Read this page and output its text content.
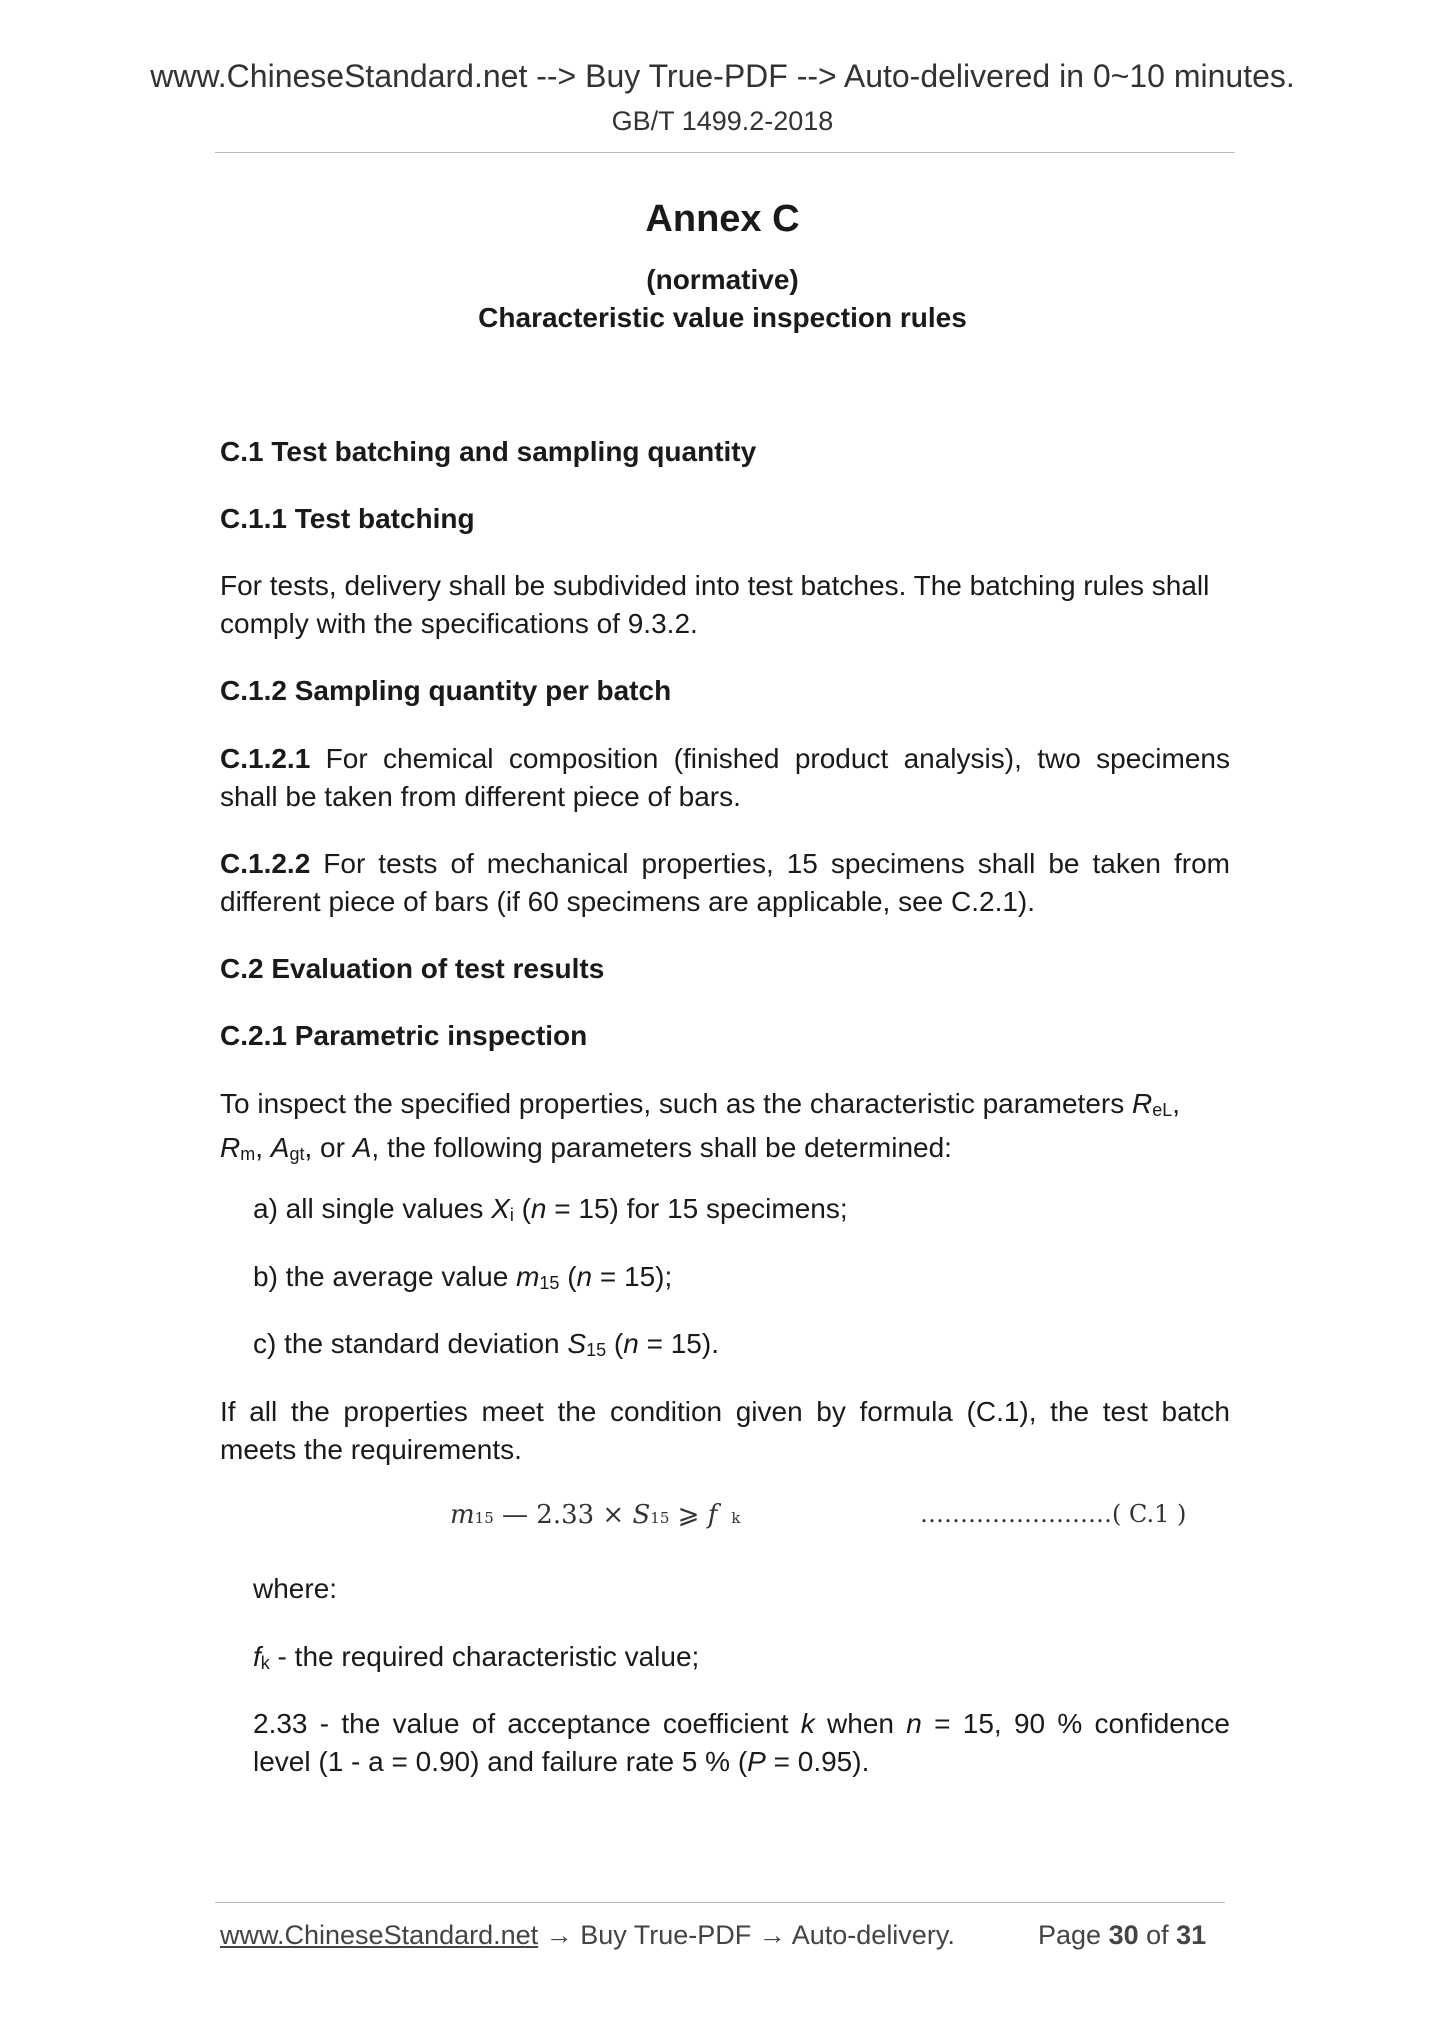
www.ChineseStandard.net --> Buy True-PDF --> Auto-delivered in 0~10 minutes.
GB/T 1499.2-2018
Annex C
(normative)
Characteristic value inspection rules
C.1 Test batching and sampling quantity
C.1.1 Test batching
For tests, delivery shall be subdivided into test batches. The batching rules shall comply with the specifications of 9.3.2.
C.1.2 Sampling quantity per batch
C.1.2.1 For chemical composition (finished product analysis), two specimens shall be taken from different piece of bars.
C.1.2.2 For tests of mechanical properties, 15 specimens shall be taken from different piece of bars (if 60 specimens are applicable, see C.2.1).
C.2 Evaluation of test results
C.2.1 Parametric inspection
To inspect the specified properties, such as the characteristic parameters $R_{eL}$,
$R_m$, $A_{gt}$, or A, the following parameters shall be determined:
a) all single values $X_i$ (n = 15) for 15 specimens;
b) the average value $m_{15}$ (n = 15);
c) the standard deviation $S_{15}$ (n = 15).
If all the properties meet the condition given by formula (C.1), the test batch meets the requirements.
m15 — 2.33 × S15 ⩾ f k	……………………( C.1 )
where:
$f_k$ - the required characteristic value;
2.33 - the value of acceptance coefficient k when n = 15, 90 % confidence level (1 - a = 0.90) and failure rate 5 % (P = 0.95).
www.ChineseStandard.net → Buy True-PDF → Auto-delivery.	Page 30 of 31
